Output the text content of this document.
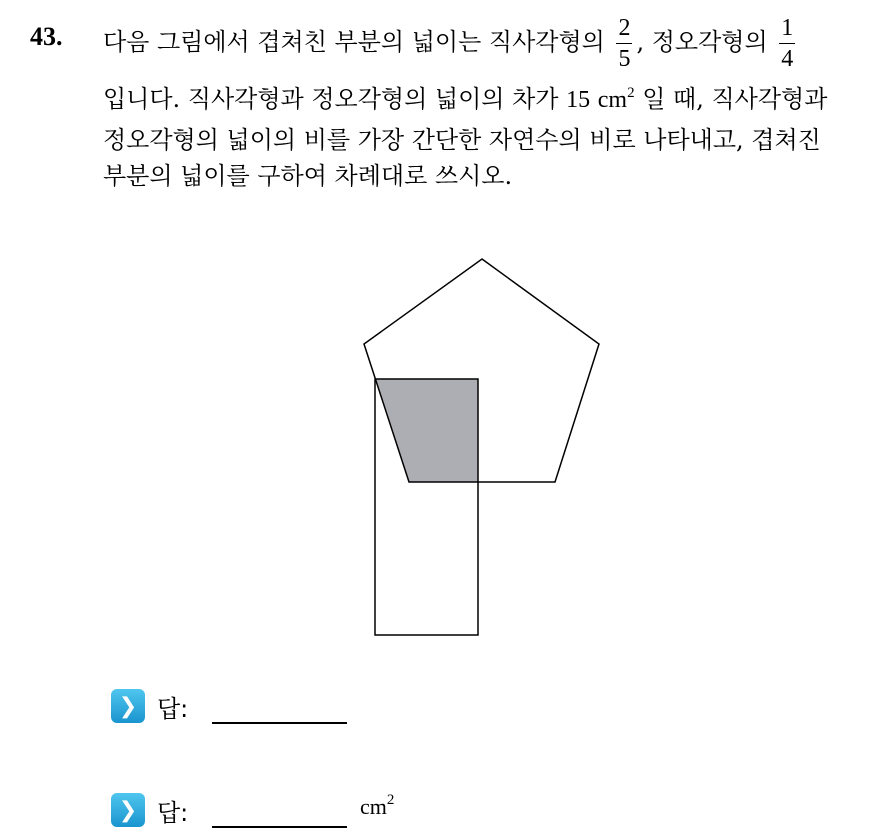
43. 다음 그림에서 겹쳐친 부분의 넓이는 직사각형의 $\frac{2}{5}$ , 정오각형의 $\frac{1}{4}$
입니다. 직사각형과 정오각형의 넓이의 차가 15 $cm^2$ 일 때, 직사각형과
정오각형의 넓이의 비를 가장 간단한 자연수의 비로 나타내고, 겹쳐진
부분의 넓이를 구하여 차례대로 쓰시오.
❯ 답:
❯ 답:	$cm^2$
